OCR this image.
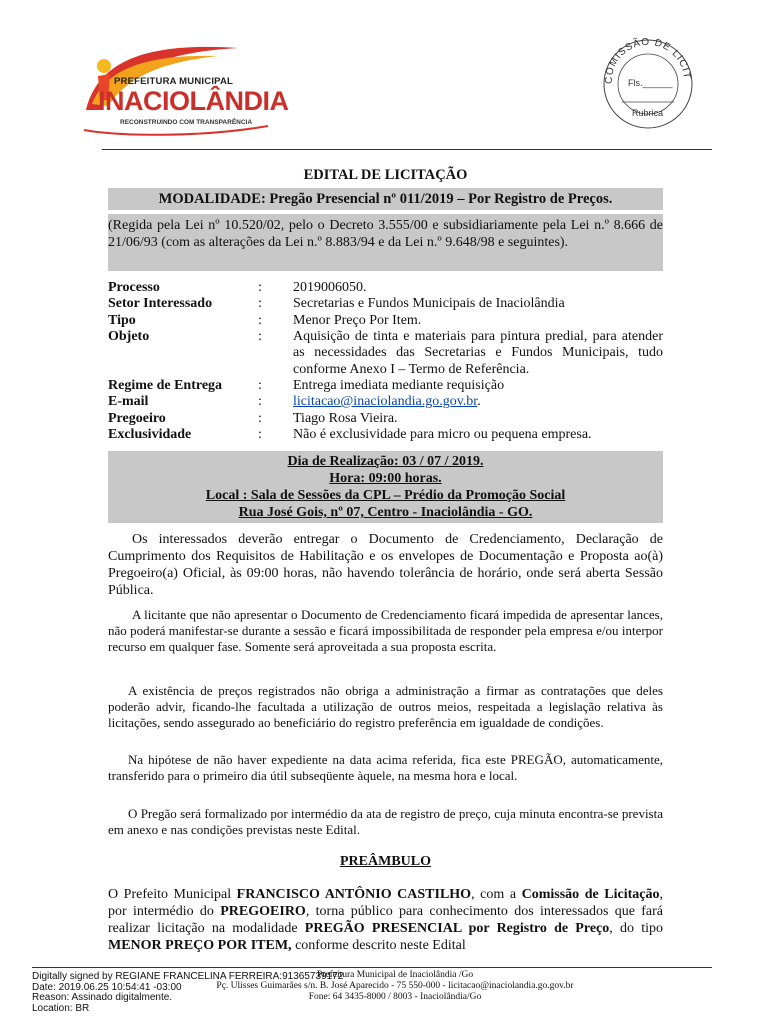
PREFEITURA MUNICIPAL
INACIOLÂNDIA
RECONSTRUINDO COM TRANSPARÊNCIA
COMISSÃO DE LICIT
Fls.______
Rubrica
EDITAL DE LICITAÇÃO
MODALIDADE: Pregão Presencial nº 011/2019 – Por Registro de Preços.
(Regida pela Lei nº 10.520/02, pelo o Decreto 3.555/00 e subsidiariamente pela Lei n.º 8.666 de 21/06/93 (com as alterações da Lei n.º 8.883/94 e da Lei n.º 9.648/98 e seguintes).
Processo	: 2019006050.
Setor Interessado	: Secretarias e Fundos Municipais de Inaciolândia
Tipo	: Menor Preço Por Item.
Objeto	: Aquisição de tinta e materiais para pintura predial, para atender as necessidades das Secretarias e Fundos Municipais, tudo conforme Anexo I – Termo de Referência.
Regime de Entrega	: Entrega imediata mediante requisição
E-mail	: licitacao@inaciolandia.go.gov.br.
Pregoeiro	: Tiago Rosa Vieira.
Exclusividade	: Não é exclusividade para micro ou pequena empresa.
Dia de Realização: 03 / 07 / 2019.
Hora: 09:00 horas.
Local : Sala de Sessões da CPL – Prédio da Promoção Social
Rua José Gois, nº 07, Centro - Inaciolândia - GO.
Os interessados deverão entregar o Documento de Credenciamento, Declaração de Cumprimento dos Requisitos de Habilitação e os envelopes de Documentação e Proposta ao(à) Pregoeiro(a) Oficial, às 09:00 horas, não havendo tolerância de horário, onde será aberta Sessão Pública.
A licitante que não apresentar o Documento de Credenciamento ficará impedida de apresentar lances, não poderá manifestar-se durante a sessão e ficará impossibilitada de responder pela empresa e/ou interpor recurso em qualquer fase. Somente será aproveitada a sua proposta escrita.
A existência de preços registrados não obriga a administração a firmar as contratações que deles poderão advir, ficando-lhe facultada a utilização de outros meios, respeitada a legislação relativa às licitações, sendo assegurado ao beneficiário do registro preferência em igualdade de condições.
Na hipótese de não haver expediente na data acima referida, fica este PREGÃO, automaticamente, transferido para o primeiro dia útil subseqüente àquele, na mesma hora e local.
O Pregão será formalizado por intermédio da ata de registro de preço, cuja minuta encontra-se prevista em anexo e nas condições previstas neste Edital.
PREÂMBULO
O Prefeito Municipal FRANCISCO ANTÔNIO CASTILHO, com a Comissão de Licitação, por intermédio do PREGOEIRO, torna público para conhecimento dos interessados que fará realizar licitação na modalidade PREGÃO PRESENCIAL por Registro de Preço, do tipo MENOR PREÇO POR ITEM, conforme descrito neste Edital
Digitally signed by REGIANE FRANCELINA FERREIRA:91365739172
Date: 2019.06.25 10:54:41 -03:00
Reason: Assinado digitalmente.
Location: BR
Prefeitura Municipal de Inaciolândia /Go
Pç. Ulisses Guimarães s/n. B. José Aparecido - 75 550-000 - licitacao@inaciolandia.go.gov.br
Fone: 64 3435-8000 / 8003 - Inaciolândia/Go
